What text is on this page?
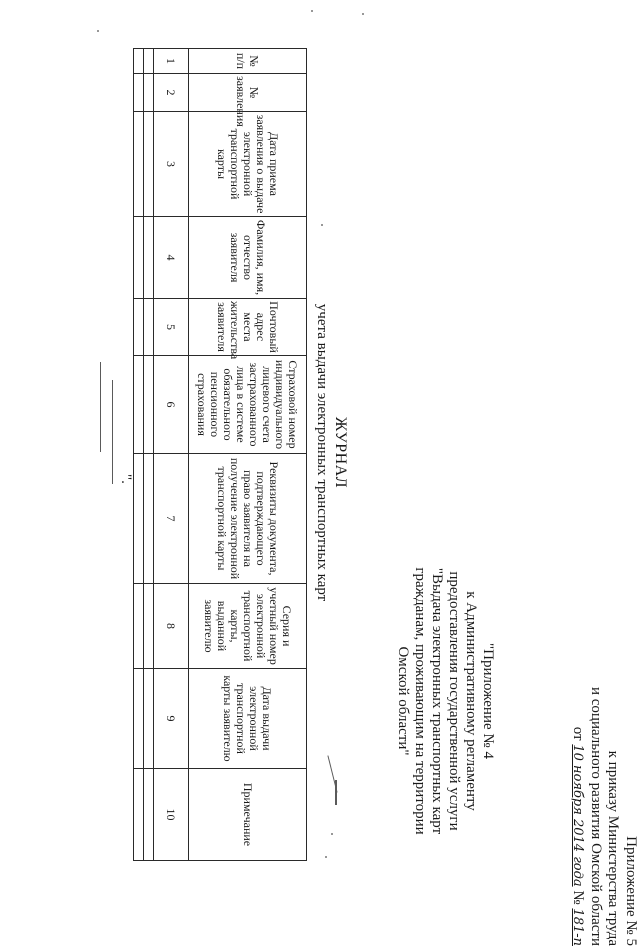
Приложение № 5
к приказу Министерства труда
и социального развития Омской области
от 10 ноября 2014 года № 181-п
"Приложение № 4
к Административному регламенту
предоставления государственной услуги
"Выдача электронных транспортных карт
гражданам, проживающим на территории
Омской области"
ЖУРНАЛ
учета выдачи электронных транспортных карт
№ п/п	№ заявления	Дата приема заявления о выдаче электронной транспортной карты	Фамилия, имя, отчество заявителя	Почтовый адрес места жительства заявителя	Страховой номер индивидуального лицевого счета застрахованного лица в системе обязательного пенсионного страхования	Реквизиты документа, подтверждающего право заявителя на получение электронной транспортной карты	Серия и учетный номер электронной транспортной карты, выданной заявителю	Дата выдачи электронной транспортной карты заявителю	Примечание
1	2	3	4	5	6	7	8	9	10

".
